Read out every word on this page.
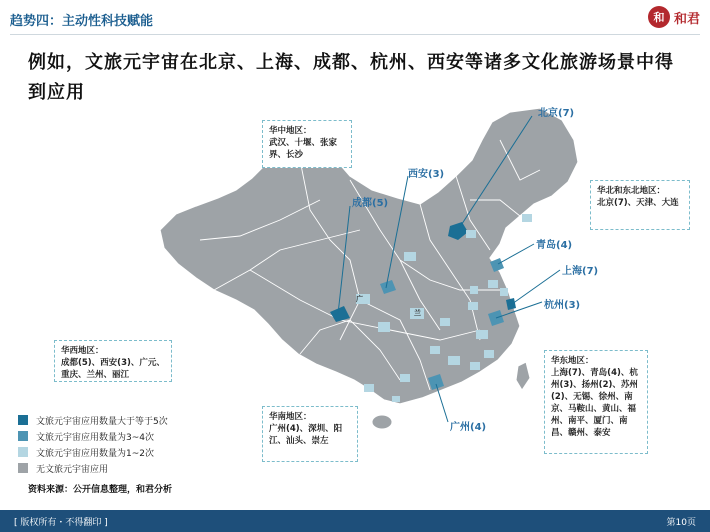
趋势四：主动性科技赋能	和 和君
例如，文旅元宇宙在北京、上海、成都、杭州、西安等诸多文化旅游场景中得到应用
北京(7)
西安(3)
成都(5)
青岛(4)
上海(7)
杭州(3)
广州(4)
广
兰
华中地区：
武汉、十堰、张家界、长沙
华北和东北地区：
北京(7)、天津、大连
华西地区：
成都(5)、西安(3)、广元、重庆、兰州、丽江
华南地区：
广州(4)、深圳、阳江、汕头、崇左
华东地区：
上海(7)、青岛(4)、杭州(3)、扬州(2)、苏州(2)、无锡、徐州、南京、马鞍山、黄山、福州、南平、厦门、南昌、赣州、泰安
文旅元宇宙应用数量大于等于5次
文旅元宇宙应用数量为3~4次
文旅元宇宙应用数量为1~2次
无文旅元宇宙应用
资料来源：公开信息整理，和君分析
[ 版权所有・不得翻印 ]	第10页
